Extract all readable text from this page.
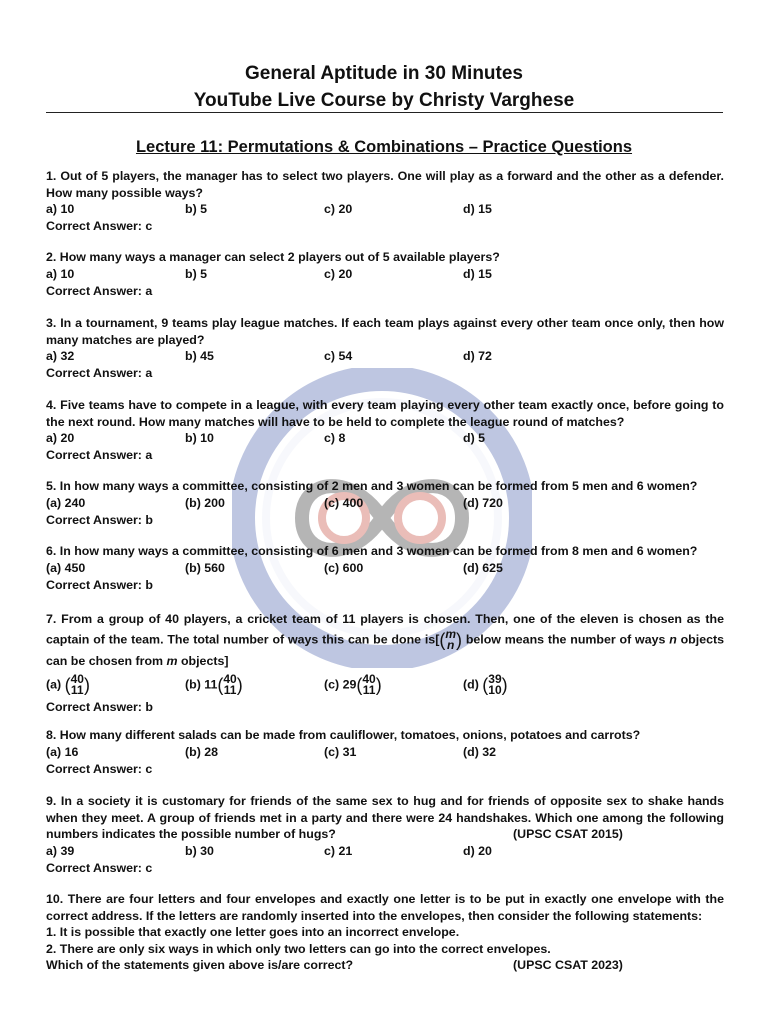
General Aptitude in 30 Minutes
YouTube Live Course by Christy Varghese
Lecture 11: Permutations & Combinations – Practice Questions
1. Out of 5 players, the manager has to select two players. One will play as a forward and the other as a defender. How many possible ways?
a) 10	b) 5	c) 20	d) 15
Correct Answer: c
2. How many ways a manager can select 2 players out of 5 available players?
a) 10	b) 5	c) 20	d) 15
Correct Answer: a
3. In a tournament, 9 teams play league matches. If each team plays against every other team once only, then how many matches are played?
a) 32	b) 45	c) 54	d) 72
Correct Answer: a
4. Five teams have to compete in a league, with every team playing every other team exactly once, before going to the next round. How many matches will have to be held to complete the league round of matches?
a) 20	b) 10	c) 8	d) 5
Correct Answer: a
5. In how many ways a committee, consisting of 2 men and 3 women can be formed from 5 men and 6 women?
(a) 240	(b) 200	(c) 400	(d) 720
Correct Answer: b
6. In how many ways a committee, consisting of 6 men and 3 women can be formed from 8 men and 6 women?
(a) 450	(b) 560	(c) 600	(d) 625
Correct Answer: b
7. From a group of 40 players, a cricket team of 11 players is chosen. Then, one of the eleven is chosen as the captain of the team. The total number of ways this can be done is[( m
n ) below means the number of ways n objects can be chosen from m objects]
(a) ( 40
11 )	(b) 11( 40
11 )	(c) 29( 40
11 )	(d) ( 39
10 )
Correct Answer: b
8. How many different salads can be made from cauliflower, tomatoes, onions, potatoes and carrots?
(a) 16	(b) 28	(c) 31	(d) 32
Correct Answer: c
9. In a society it is customary for friends of the same sex to hug and for friends of opposite sex to shake hands when they meet. A group of friends met in a party and there were 24 handshakes. Which one among the following numbers indicates the possible number of hugs?	(UPSC CSAT 2015)
a) 39	b) 30	c) 21	d) 20
Correct Answer: c
10. There are four letters and four envelopes and exactly one letter is to be put in exactly one envelope with the correct address. If the letters are randomly inserted into the envelopes, then consider the following statements:
1. It is possible that exactly one letter goes into an incorrect envelope.
2. There are only six ways in which only two letters can go into the correct envelopes.
Which of the statements given above is/are correct?	(UPSC CSAT 2023)
